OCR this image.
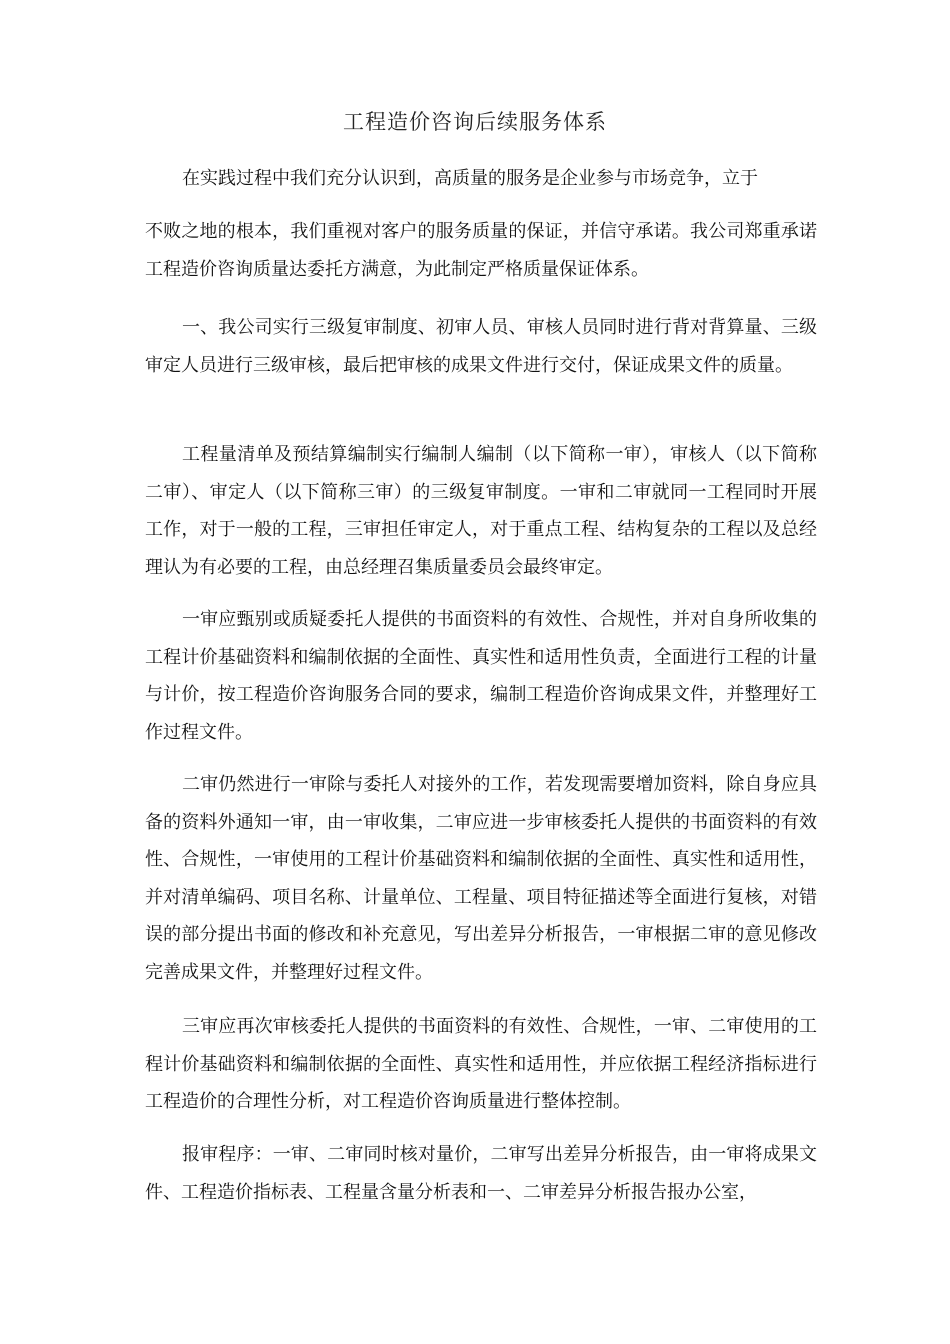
工程造价咨询后续服务体系

在实践过程中我们充分认识到，高质量的服务是企业参与市场竞争，立于

不败之地的根本，我们重视对客户的服务质量的保证，并信守承诺。我公司郑重承诺工程造价咨询质量达委托方满意，为此制定严格质量保证体系。

一、我公司实行三级复审制度、初审人员、审核人员同时进行背对背算量、三级审定人员进行三级审核，最后把审核的成果文件进行交付，保证成果文件的质量。

工程量清单及预结算编制实行编制人编制（以下简称一审），审核人（以下简称二审）、审定人（以下简称三审）的三级复审制度。一审和二审就同一工程同时开展工作，对于一般的工程，三审担任审定人，对于重点工程、结构复杂的工程以及总经理认为有必要的工程，由总经理召集质量委员会最终审定。

一审应甄别或质疑委托人提供的书面资料的有效性、合规性，并对自身所收集的工程计价基础资料和编制依据的全面性、真实性和适用性负责，全面进行工程的计量与计价，按工程造价咨询服务合同的要求，编制工程造价咨询成果文件，并整理好工作过程文件。

二审仍然进行一审除与委托人对接外的工作，若发现需要增加资料，除自身应具备的资料外通知一审，由一审收集，二审应进一步审核委托人提供的书面资料的有效性、合规性，一审使用的工程计价基础资料和编制依据的全面性、真实性和适用性，并对清单编码、项目名称、计量单位、工程量、项目特征描述等全面进行复核，对错误的部分提出书面的修改和补充意见，写出差异分析报告，一审根据二审的意见修改完善成果文件，并整理好过程文件。

三审应再次审核委托人提供的书面资料的有效性、合规性，一审、二审使用的工程计价基础资料和编制依据的全面性、真实性和适用性，并应依据工程经济指标进行工程造价的合理性分析，对工程造价咨询质量进行整体控制。

报审程序：一审、二审同时核对量价，二审写出差异分析报告，由一审将成果文件、工程造价指标表、工程量含量分析表和一、二审差异分析报告报办公室，
